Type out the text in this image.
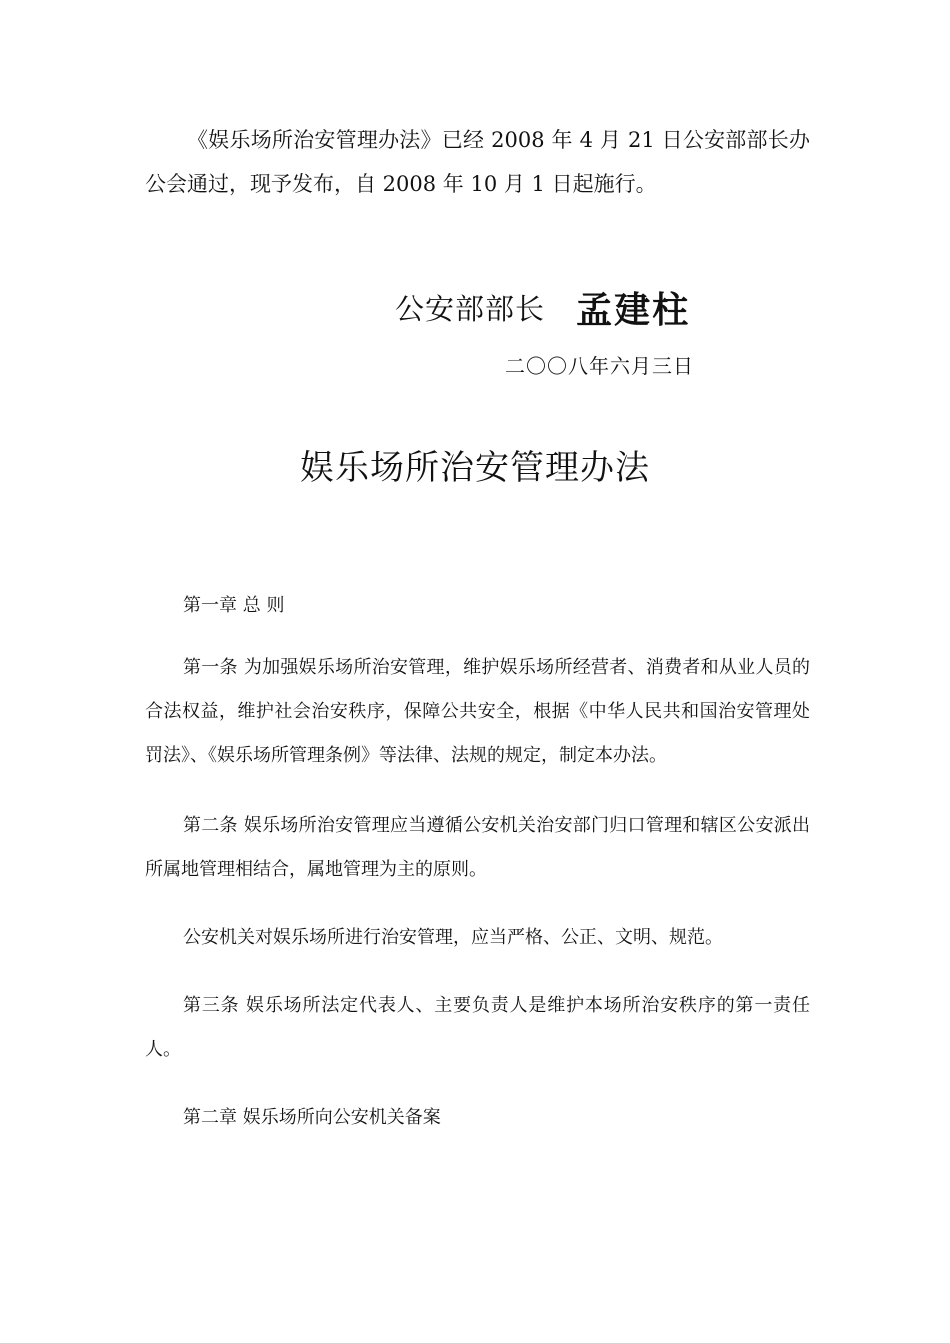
《娱乐场所治安管理办法》已经 2008 年 4 月 21 日公安部部长办公会通过，现予发布，自 2008 年 10 月 1 日起施行。

公安部部长 孟建柱

二〇〇八年六月三日

娱乐场所治安管理办法

第一章 总 则

第一条 为加强娱乐场所治安管理，维护娱乐场所经营者、消费者和从业人员的合法权益，维护社会治安秩序，保障公共安全，根据《中华人民共和国治安管理处罚法》、《娱乐场所管理条例》等法律、法规的规定，制定本办法。

第二条 娱乐场所治安管理应当遵循公安机关治安部门归口管理和辖区公安派出所属地管理相结合，属地管理为主的原则。

公安机关对娱乐场所进行治安管理，应当严格、公正、文明、规范。

第三条 娱乐场所法定代表人、主要负责人是维护本场所治安秩序的第一责任人。

第二章 娱乐场所向公安机关备案
